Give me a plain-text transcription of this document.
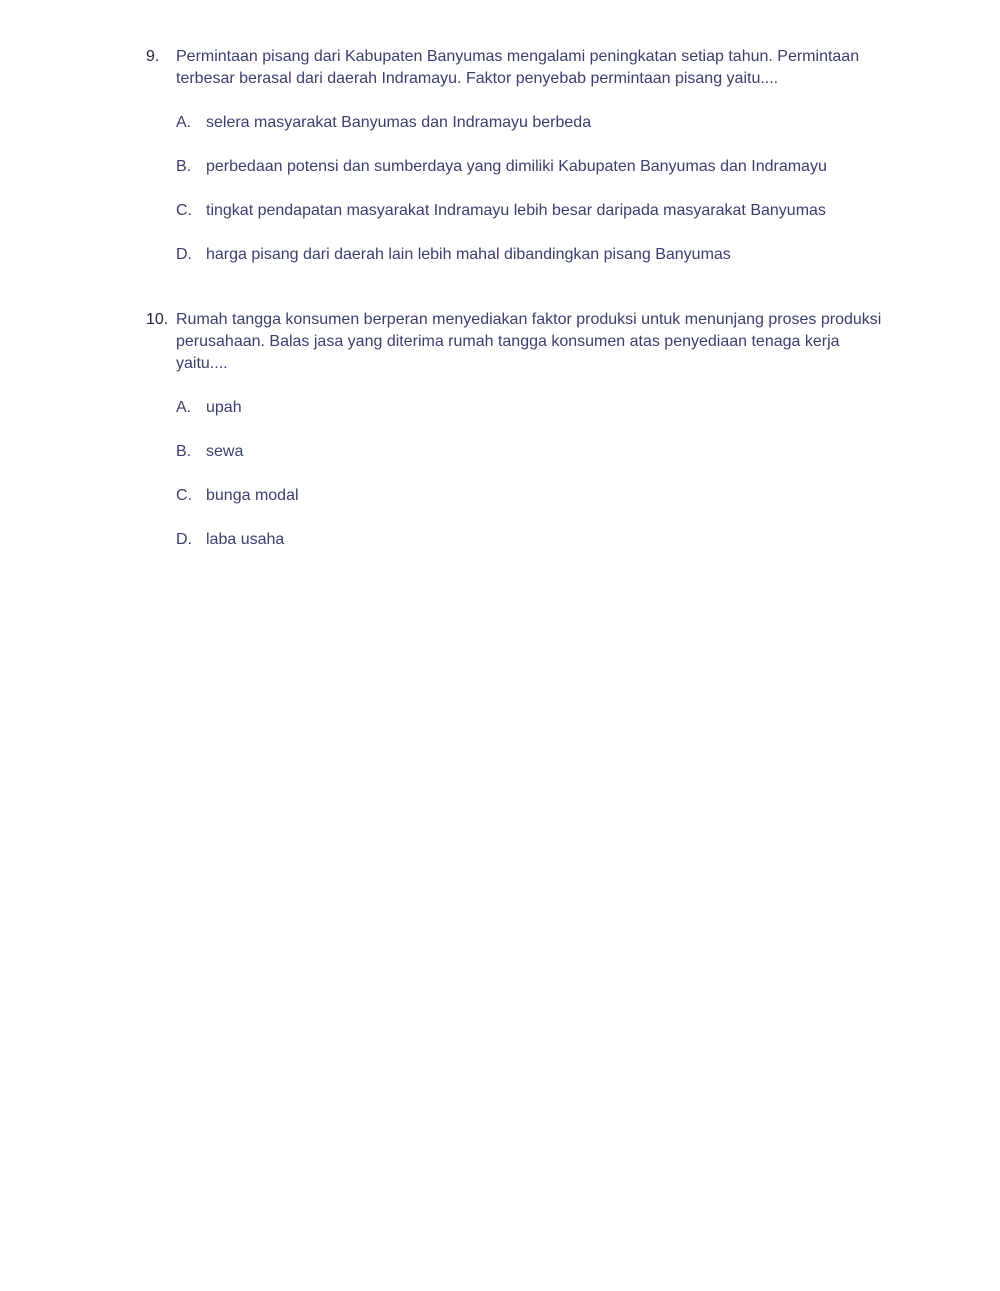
9. Permintaan pisang dari Kabupaten Banyumas mengalami peningkatan setiap tahun. Permintaan terbesar berasal dari daerah Indramayu. Faktor penyebab permintaan pisang yaitu....
A. selera masyarakat Banyumas dan Indramayu berbeda
B. perbedaan potensi dan sumberdaya yang dimiliki Kabupaten Banyumas dan Indramayu
C. tingkat pendapatan masyarakat Indramayu lebih besar daripada masyarakat Banyumas
D. harga pisang dari daerah lain lebih mahal dibandingkan pisang Banyumas
10. Rumah tangga konsumen berperan menyediakan faktor produksi untuk menunjang proses produksi perusahaan. Balas jasa yang diterima rumah tangga konsumen atas penyediaan tenaga kerja yaitu....
A. upah
B. sewa
C. bunga modal
D. laba usaha
